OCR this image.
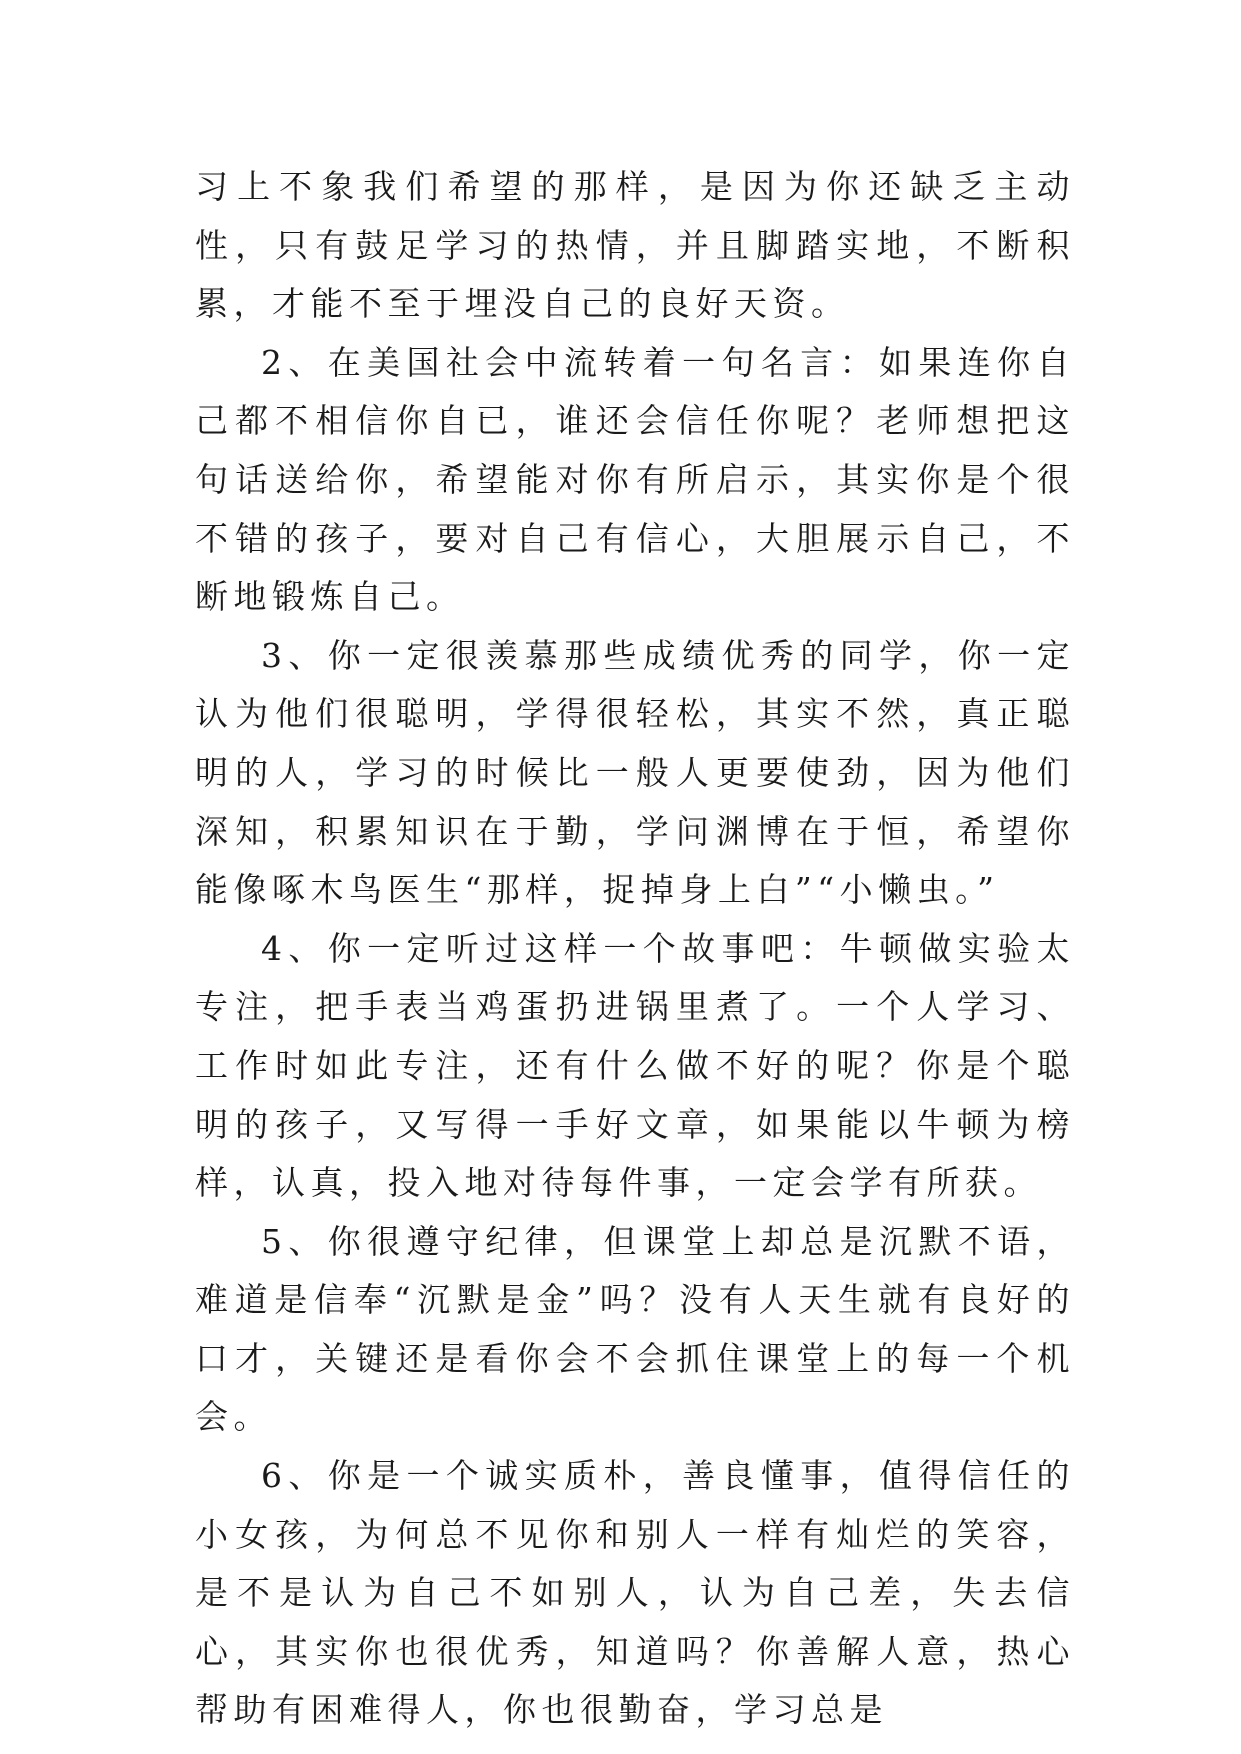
习上不象我们希望的那样，是因为你还缺乏主动性，只有鼓足学习的热情，并且脚踏实地，不断积累，才能不至于埋没自己的良好天资。

2、在美国社会中流转着一句名言：如果连你自己都不相信你自已，谁还会信任你呢？老师想把这句话送给你，希望能对你有所启示，其实你是个很不错的孩子，要对自己有信心，大胆展示自己，不断地锻炼自己。

3、你一定很羡慕那些成绩优秀的同学，你一定认为他们很聪明，学得很轻松，其实不然，真正聪明的人，学习的时候比一般人更要使劲，因为他们深知，积累知识在于勤，学问渊博在于恒，希望你能像啄木鸟医生“那样，捉掉身上白”“小懒虫。”

4、你一定听过这样一个故事吧：牛顿做实验太专注，把手表当鸡蛋扔进锅里煮了。一个人学习、工作时如此专注，还有什么做不好的呢？你是个聪明的孩子，又写得一手好文章，如果能以牛顿为榜样，认真，投入地对待每件事，一定会学有所获。

5、你很遵守纪律，但课堂上却总是沉默不语，难道是信奉“沉默是金”吗？没有人天生就有良好的口才，关键还是看你会不会抓住课堂上的每一个机会。

6、你是一个诚实质朴，善良懂事，值得信任的小女孩，为何总不见你和别人一样有灿烂的笑容，是不是认为自己不如别人，认为自己差，失去信心，其实你也很优秀，知道吗？你善解人意，热心帮助有困难得人，你也很勤奋，学习总是
